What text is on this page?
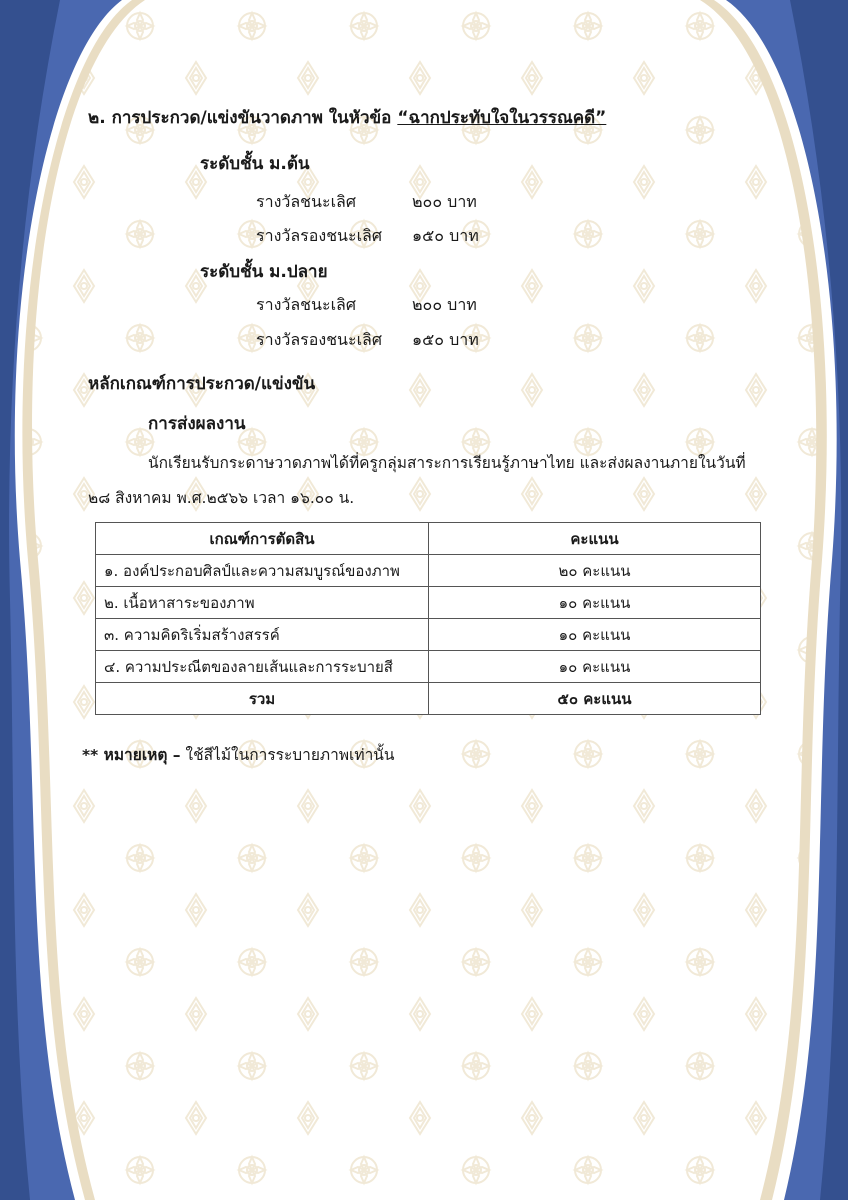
๒. การประกวด/แข่งขันวาดภาพ ในหัวข้อ “ฉากประทับใจในวรรณคดี”
ระดับชั้น ม.ต้น
รางวัลชนะเลิศ	๒๐๐ บาท
รางวัลรองชนะเลิศ ๑๕๐ บาท
ระดับชั้น ม.ปลาย
รางวัลชนะเลิศ	๒๐๐ บาท
รางวัลรองชนะเลิศ ๑๕๐ บาท
หลักเกณฑ์การประกวด/แข่งขัน
การส่งผลงาน
นักเรียนรับกระดาษวาดภาพได้ที่ครูกลุ่มสาระการเรียนรู้ภาษาไทย และส่งผลงานภายในวันที่ ๒๘ สิงหาคม พ.ศ.๒๕๖๖ เวลา ๑๖.๐๐ น.
เกณฑ์การตัดสิน	คะแนน
๑. องค์ประกอบศิลป์และความสมบูรณ์ของภาพ	๒๐ คะแนน
๒. เนื้อหาสาระของภาพ	๑๐ คะแนน
๓. ความคิดริเริ่มสร้างสรรค์	๑๐ คะแนน
๔. ความประณีตของลายเส้นและการระบายสี	๑๐ คะแนน
รวม	๕๐ คะแนน
** หมายเหตุ – ใช้สีไม้ในการระบายภาพเท่านั้น
